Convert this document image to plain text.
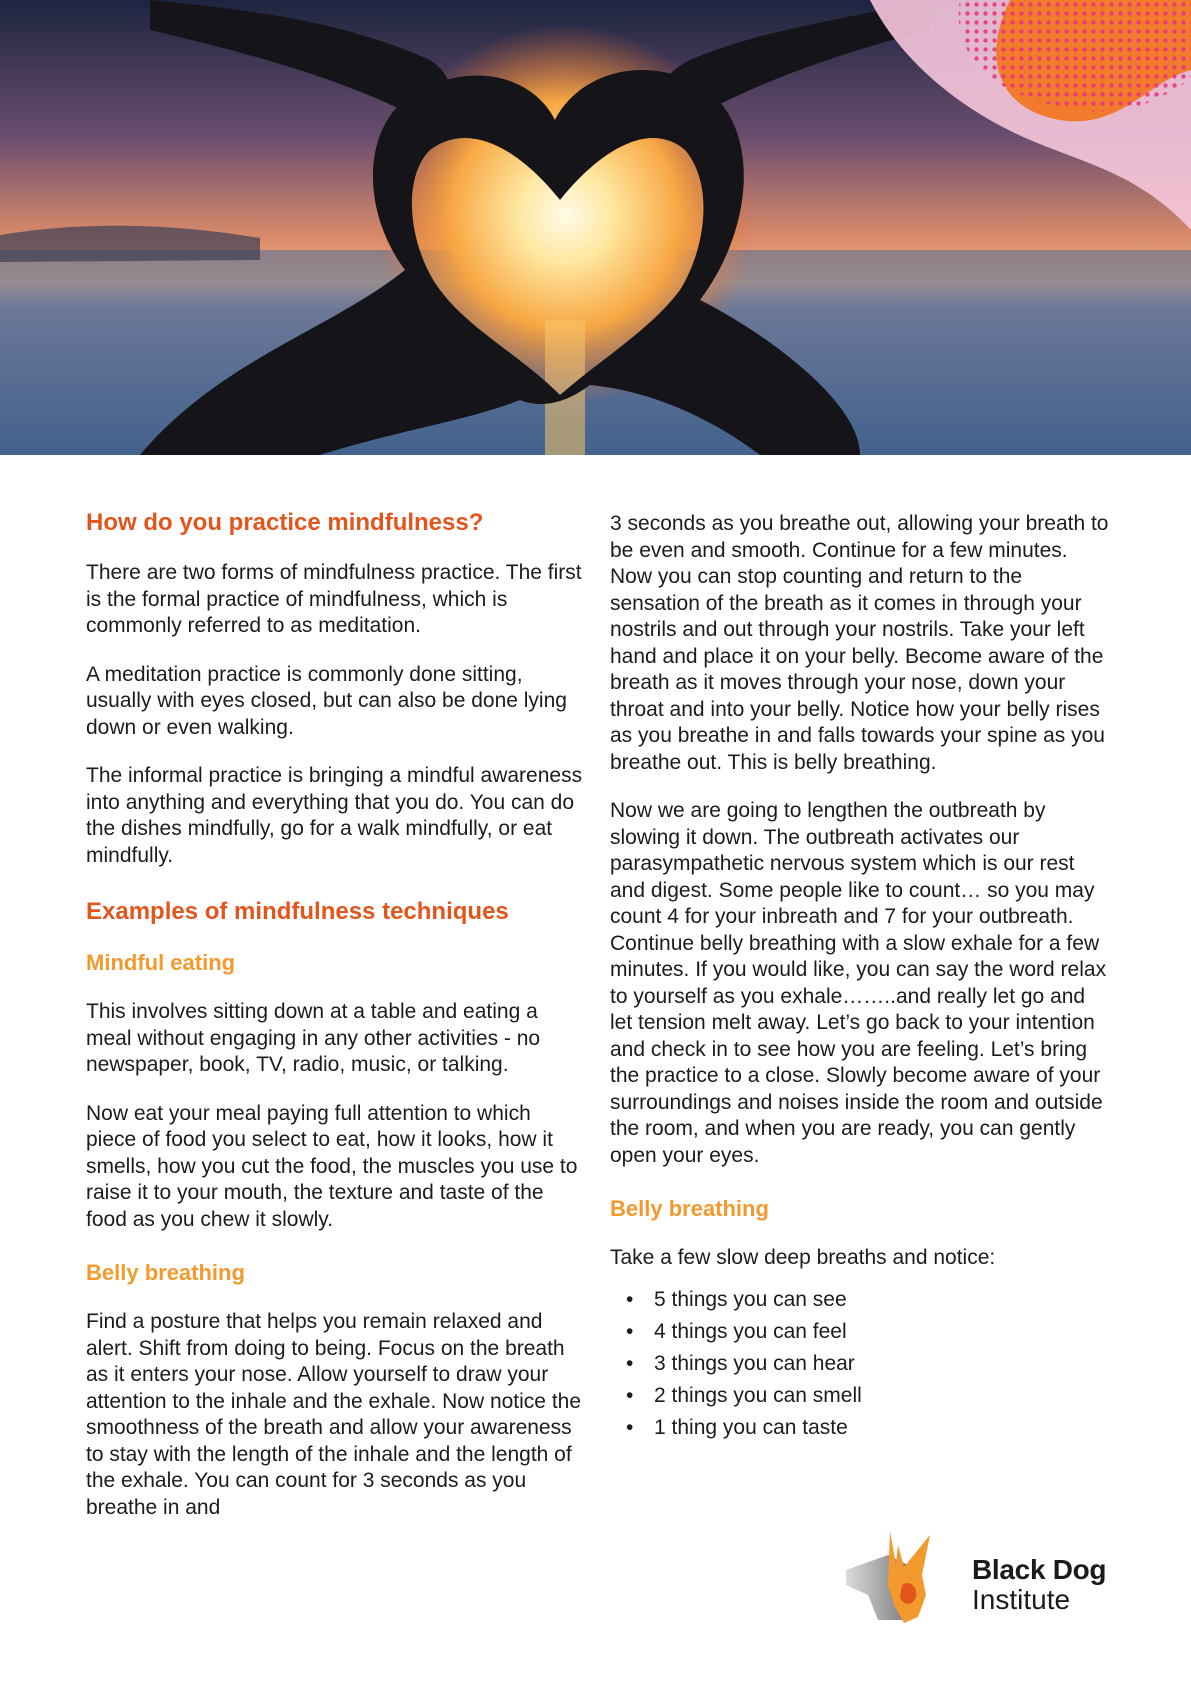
How do you practice mindfulness?

There are two forms of mindfulness practice. The first is the formal practice of mindfulness, which is commonly referred to as meditation.

A meditation practice is commonly done sitting, usually with eyes closed, but can also be done lying down or even walking.

The informal practice is bringing a mindful awareness into anything and everything that you do. You can do the dishes mindfully, go for a walk mindfully, or eat mindfully.

Examples of mindfulness techniques
Mindful eating

This involves sitting down at a table and eating a meal without engaging in any other activities - no newspaper, book, TV, radio, music, or talking.

Now eat your meal paying full attention to which piece of food you select to eat, how it looks, how it smells, how you cut the food, the muscles you use to raise it to your mouth, the texture and taste of the food as you chew it slowly.

Belly breathing

Find a posture that helps you remain relaxed and alert. Shift from doing to being. Focus on the breath as it enters your nose. Allow yourself to draw your attention to the inhale and the exhale. Now notice the smoothness of the breath and allow your awareness to stay with the length of the inhale and the length of the exhale. You can count for 3 seconds as you breathe in and

3 seconds as you breathe out, allowing your breath to be even and smooth. Continue for a few minutes. Now you can stop counting and return to the sensation of the breath as it comes in through your nostrils and out through your nostrils. Take your left hand and place it on your belly. Become aware of the breath as it moves through your nose, down your throat and into your belly. Notice how your belly rises as you breathe in and falls towards your spine as you breathe out. This is belly breathing.

Now we are going to lengthen the outbreath by slowing it down. The outbreath activates our parasympathetic nervous system which is our rest and digest. Some people like to count… so you may count 4 for your inbreath and 7 for your outbreath. Continue belly breathing with a slow exhale for a few minutes. If you would like, you can say the word relax to yourself as you exhale……..and really let go and let tension melt away. Let’s go back to your intention and check in to see how you are feeling. Let’s bring the practice to a close. Slowly become aware of your surroundings and noises inside the room and outside the room, and when you are ready, you can gently open your eyes.

Belly breathing

Take a few slow deep breaths and notice:

• 5 things you can see
• 4 things you can feel
• 3 things you can hear
• 2 things you can smell
• 1 thing you can taste
Black Dog
Institute
